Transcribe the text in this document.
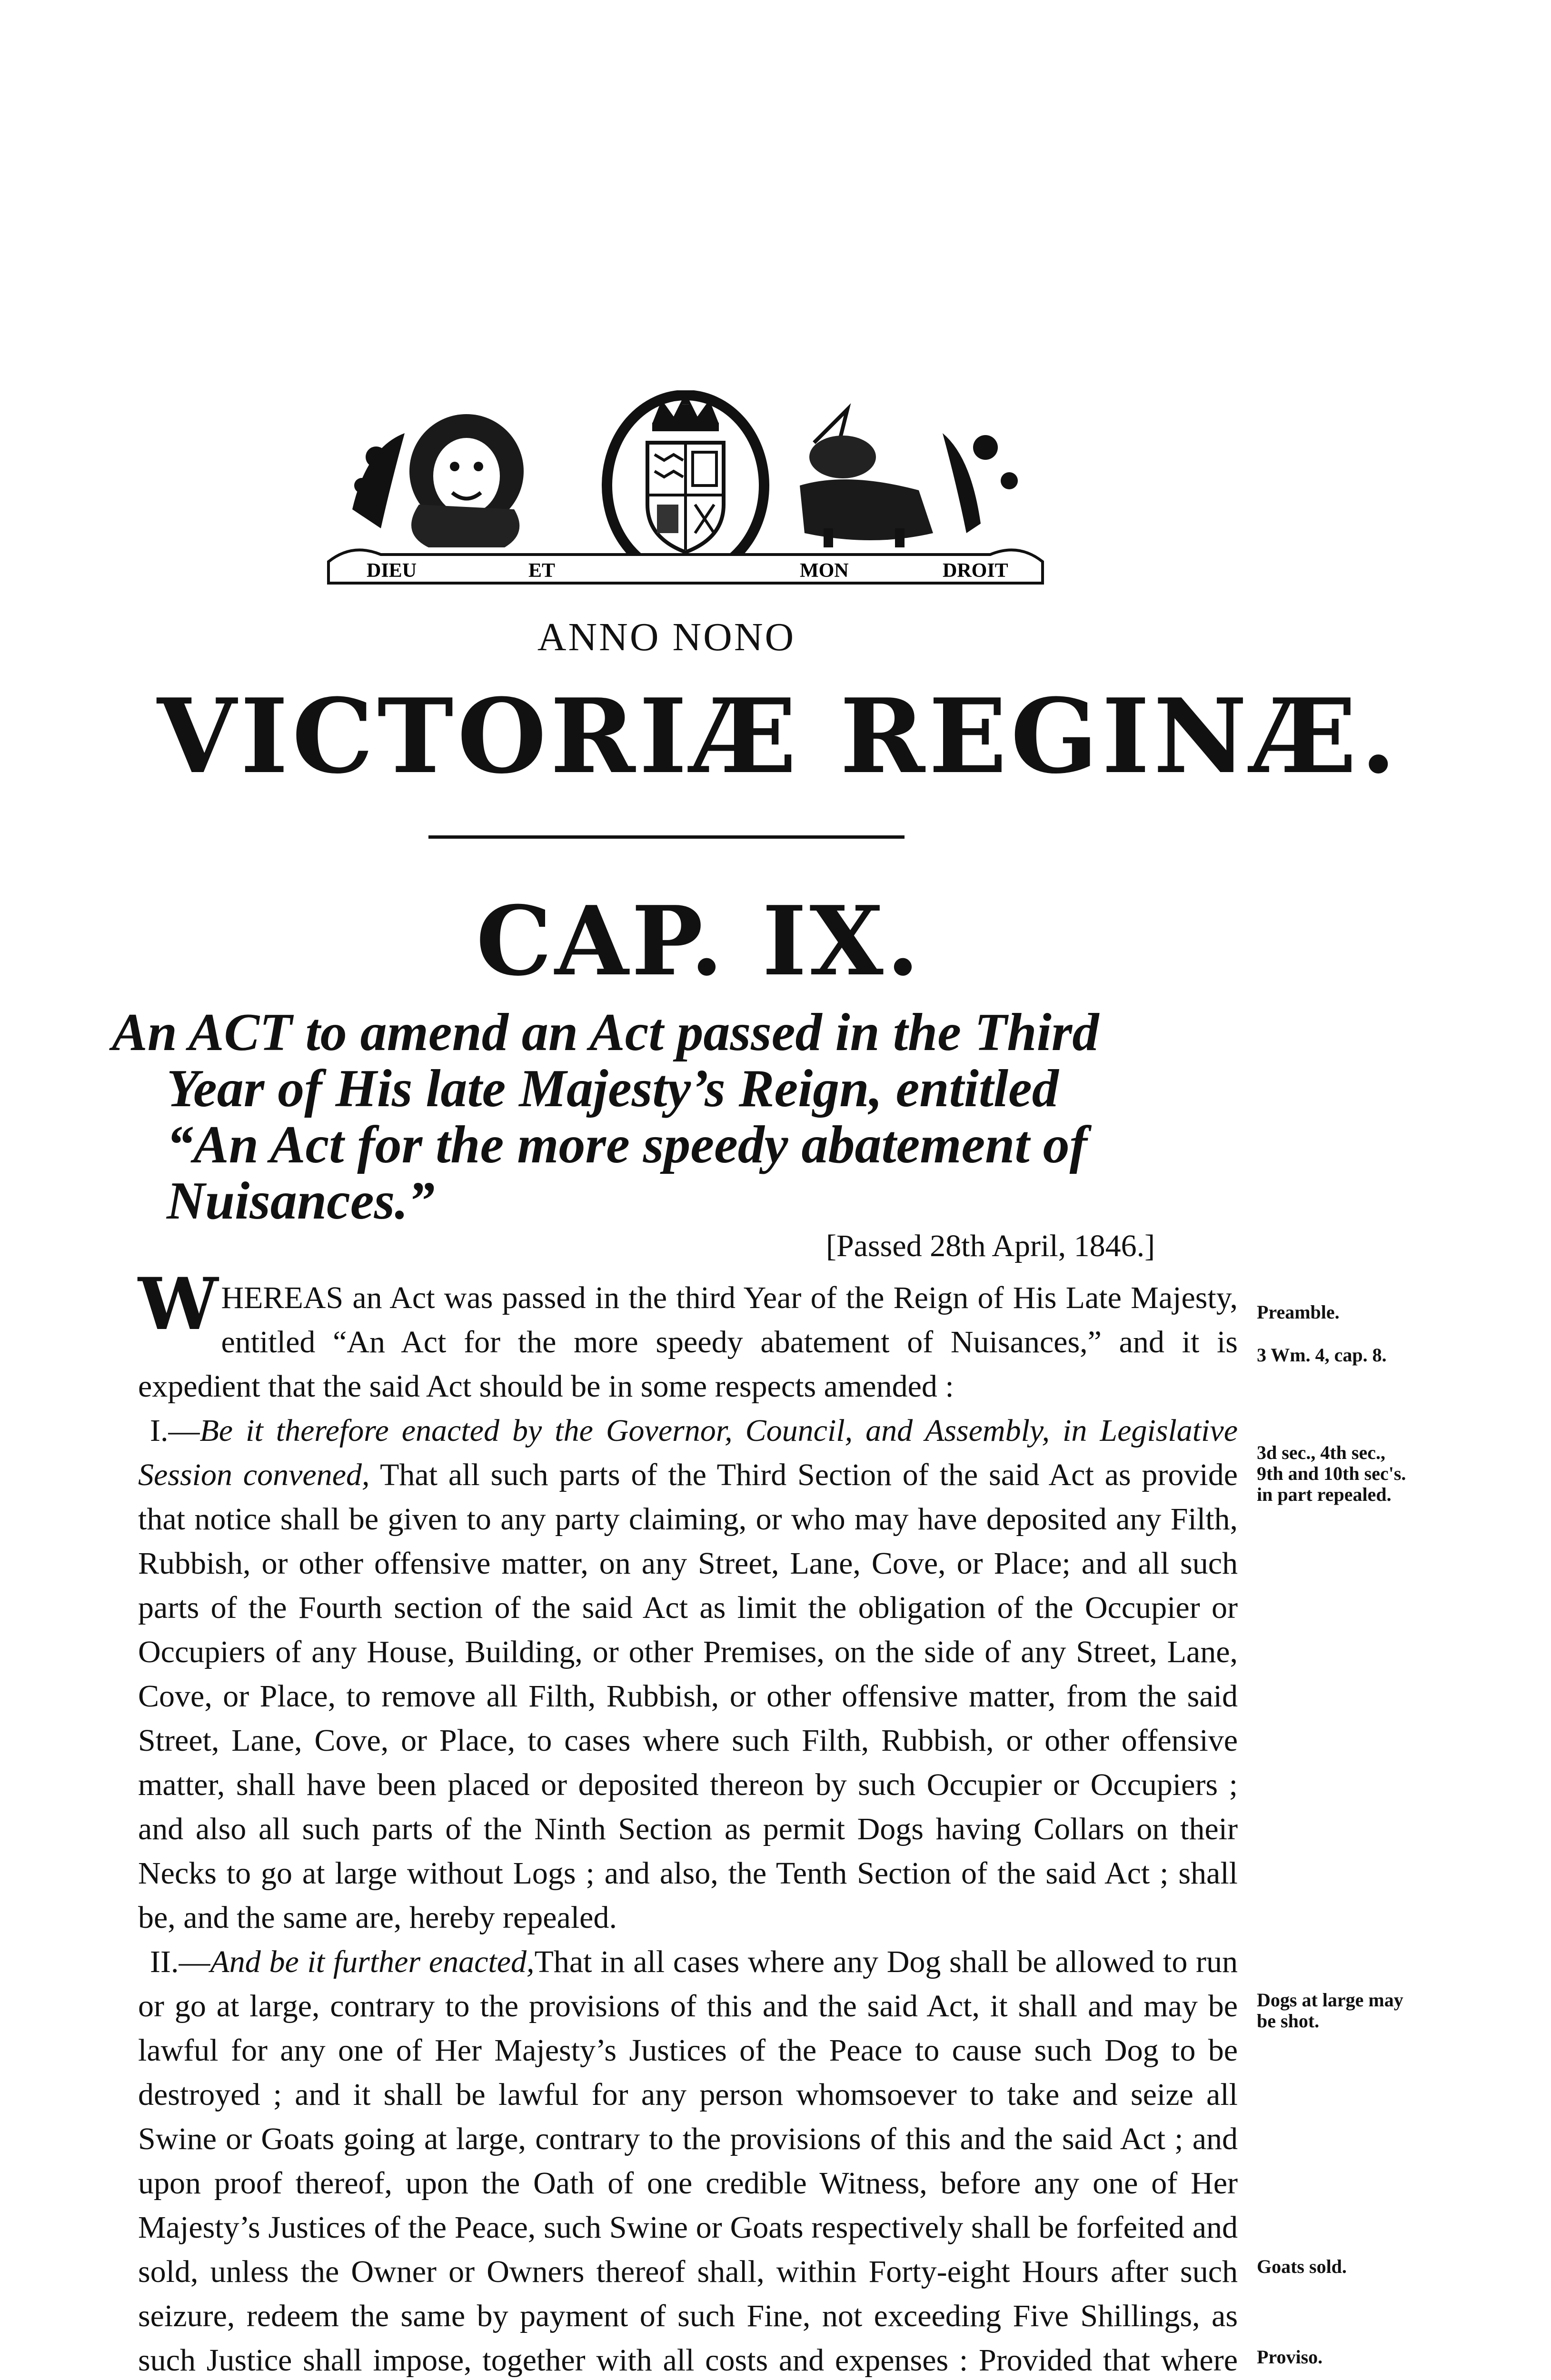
DIEU	ET	MON	DROIT
HONI SOIT QUI MAL Y PENSE
ANNO NONO
VICTORIÆ REGINÆ.
CAP. IX.
An ACT to amend an Act passed in the Third
Year of His late Majesty’s Reign, entitled
“An Act for the more speedy abatement of
Nuisances.”
[Passed 28th April, 1846.]

WHEREAS an Act was passed in the third Year of the Reign of His Late Majesty, entitled “An Act for the more speedy abatement of Nuisances,” and it is expedient that the said Act should be in some respects amended :

I.—Be it therefore enacted by the Governor, Council, and Assembly, in Legislative Session convened, That all such parts of the Third Section of the said Act as provide that notice shall be given to any party claiming, or who may have deposited any Filth, Rubbish, or other offensive matter, on any Street, Lane, Cove, or Place; and all such parts of the Fourth section of the said Act as limit the obligation of the Occupier or Occupiers of any House, Building, or other Premises, on the side of any Street, Lane, Cove, or Place, to remove all Filth, Rubbish, or other offensive matter, from the said Street, Lane, Cove, or Place, to cases where such Filth, Rubbish, or other offensive matter, shall have been placed or deposited thereon by such Occupier or Occupiers ; and also all such parts of the Ninth Section as permit Dogs having Collars on their Necks to go at large without Logs ; and also, the Tenth Section of the said Act ; shall be, and the same are, hereby repealed.

II.—And be it further enacted,That in all cases where any Dog shall be allowed to run or go at large, contrary to the provisions of this and the said Act, it shall and may be lawful for any one of Her Majesty’s Justices of the Peace to cause such Dog to be destroyed ; and it shall be lawful for any person whomsoever to take and seize all Swine or Goats going at large, contrary to the provisions of this and the said Act ; and upon proof thereof, upon the Oath of one credible Witness, before any one of Her Majesty’s Justices of the Peace, such Swine or Goats respectively shall be forfeited and sold, unless the Owner or Owners thereof shall, within Forty-eight Hours after such seizure, redeem the same by payment of such Fine, not exceeding Five Shillings, as such Justice shall impose, together with all costs and expenses : Provided that where

Preamble.
3 Wm. 4, cap. 8.
3d sec., 4th sec.,
9th and 10th sec's.
in part repealed.
Dogs at large may
be shot.
Goats sold.
Proviso.
